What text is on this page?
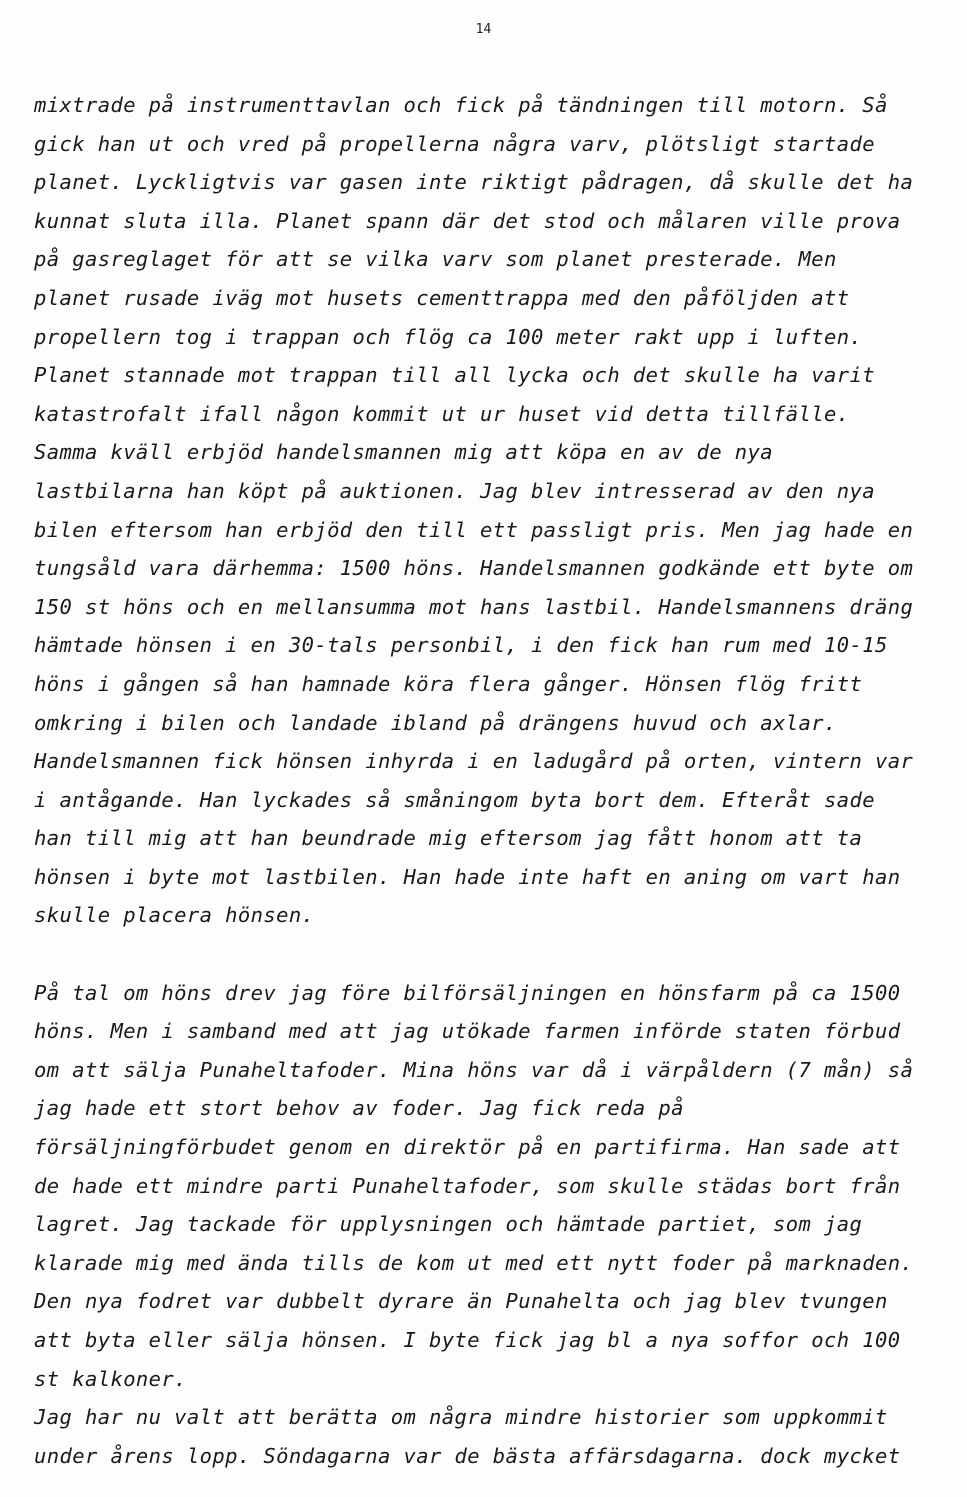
14
mixtrade på instrumenttavlan och fick på tändningen till motorn. Så
gick han ut och vred på propellerna några varv, plötsligt startade
planet. Lyckligtvis var gasen inte riktigt pådragen, då skulle det ha
kunnat sluta illa. Planet spann där det stod och målaren ville prova
på gasreglaget för att se vilka varv som planet presterade. Men
planet rusade iväg mot husets cementtrappa med den påföljden att
propellern tog i trappan och flög ca 100 meter rakt upp i luften.
Planet stannade mot trappan till all lycka och det skulle ha varit
katastrofalt ifall någon kommit ut ur huset vid detta tillfälle.
Samma kväll erbjöd handelsmannen mig att köpa en av de nya
lastbilarna han köpt på auktionen. Jag blev intresserad av den nya
bilen eftersom han erbjöd den till ett passligt pris. Men jag hade en
tungsåld vara därhemma: 1500 höns. Handelsmannen godkände ett byte om
150 st höns och en mellansumma mot hans lastbil. Handelsmannens dräng
hämtade hönsen i en 30-tals personbil, i den fick han rum med 10-15
höns i gången så han hamnade köra flera gånger. Hönsen flög fritt
omkring i bilen och landade ibland på drängens huvud och axlar.
Handelsmannen fick hönsen inhyrda i en ladugård på orten, vintern var
i antågande. Han lyckades så småningom byta bort dem. Efteråt sade
han till mig att han beundrade mig eftersom jag fått honom att ta
hönsen i byte mot lastbilen. Han hade inte haft en aning om vart han
skulle placera hönsen.
På tal om höns drev jag före bilförsäljningen en hönsfarm på ca 1500
höns. Men i samband med att jag utökade farmen införde staten förbud
om att sälja Punaheltafoder. Mina höns var då i värpåldern (7 mån) så
jag hade ett stort behov av foder. Jag fick reda på
försäljningförbudet genom en direktör på en partifirma. Han sade att
de hade ett mindre parti Punaheltafoder, som skulle städas bort från
lagret. Jag tackade för upplysningen och hämtade partiet, som jag
klarade mig med ända tills de kom ut med ett nytt foder på marknaden.
Den nya fodret var dubbelt dyrare än Punahelta och jag blev tvungen
att byta eller sälja hönsen. I byte fick jag bl a nya soffor och 100
st kalkoner.
Jag har nu valt att berätta om några mindre historier som uppkommit
under årens lopp. Söndagarna var de bästa affärsdagarna. dock mycket
